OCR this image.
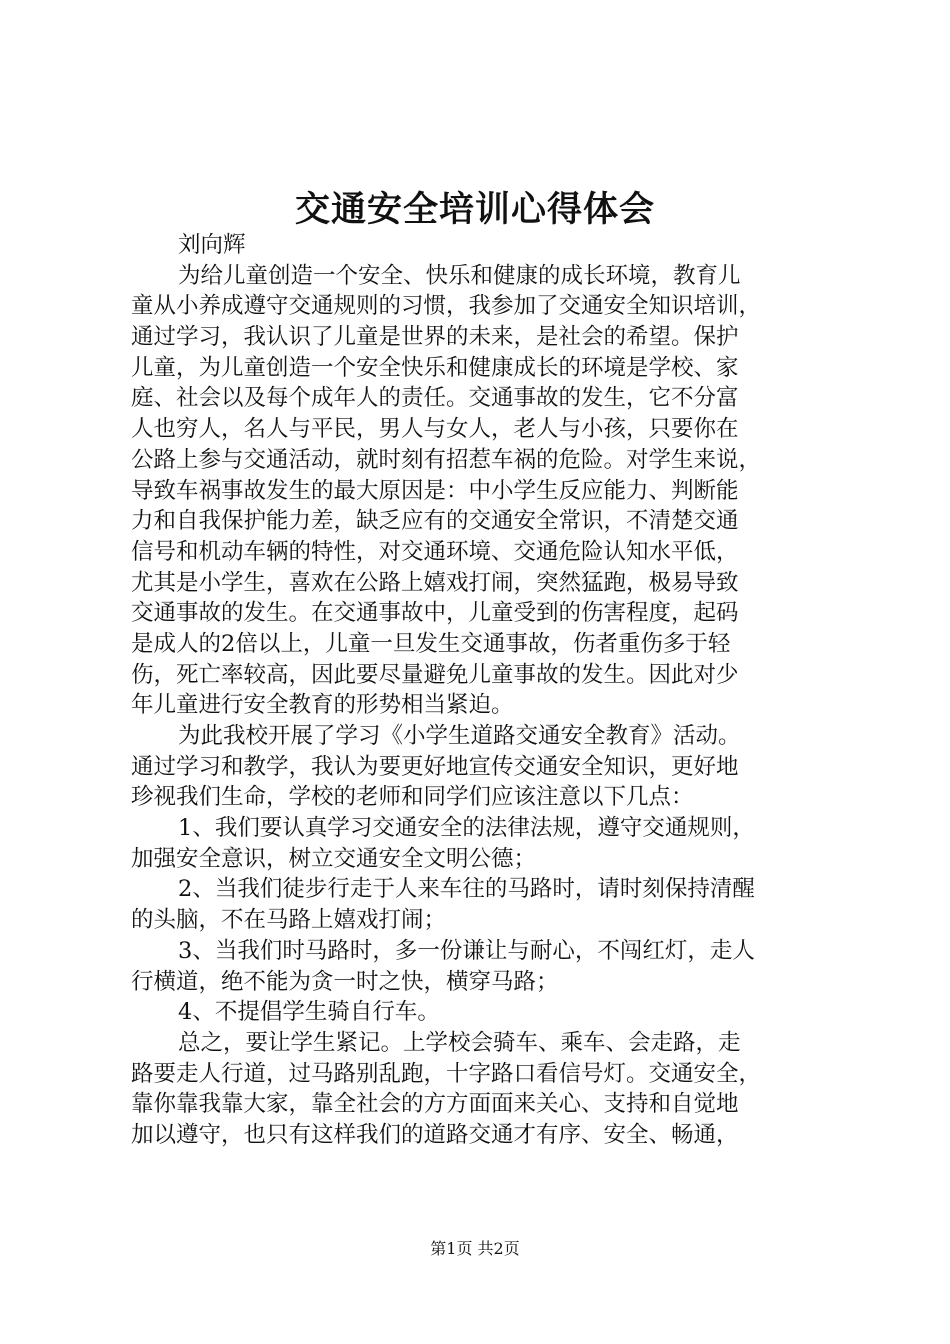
交通安全培训心得体会

刘向辉

为给儿童创造一个安全、快乐和健康的成长环境，教育儿

童从小养成遵守交通规则的习惯，我参加了交通安全知识培训，

通过学习，我认识了儿童是世界的未来，是社会的希望。保护

儿童，为儿童创造一个安全快乐和健康成长的环境是学校、家

庭、社会以及每个成年人的责任。交通事故的发生，它不分富

人也穷人，名人与平民，男人与女人，老人与小孩，只要你在

公路上参与交通活动，就时刻有招惹车祸的危险。对学生来说，

导致车祸事故发生的最大原因是：中小学生反应能力、判断能

力和自我保护能力差，缺乏应有的交通安全常识，不清楚交通

信号和机动车辆的特性，对交通环境、交通危险认知水平低，

尤其是小学生，喜欢在公路上嬉戏打闹，突然猛跑，极易导致

交通事故的发生。在交通事故中，儿童受到的伤害程度，起码

是成人的2倍以上，儿童一旦发生交通事故，伤者重伤多于轻

伤，死亡率较高，因此要尽量避免儿童事故的发生。因此对少

年儿童进行安全教育的形势相当紧迫。

为此我校开展了学习《小学生道路交通安全教育》活动。

通过学习和教学，我认为要更好地宣传交通安全知识，更好地

珍视我们生命，学校的老师和同学们应该注意以下几点：

1、我们要认真学习交通安全的法律法规，遵守交通规则，

加强安全意识，树立交通安全文明公德；

2、当我们徒步行走于人来车往的马路时，请时刻保持清醒

的头脑，不在马路上嬉戏打闹；

3、当我们时马路时，多一份谦让与耐心，不闯红灯，走人

行横道，绝不能为贪一时之快，横穿马路；

4、不提倡学生骑自行车。

总之，要让学生紧记。上学校会骑车、乘车、会走路，走

路要走人行道，过马路别乱跑，十字路口看信号灯。交通安全，

靠你靠我靠大家，靠全社会的方方面面来关心、支持和自觉地

加以遵守，也只有这样我们的道路交通才有序、安全、畅通，

第1页 共2页
